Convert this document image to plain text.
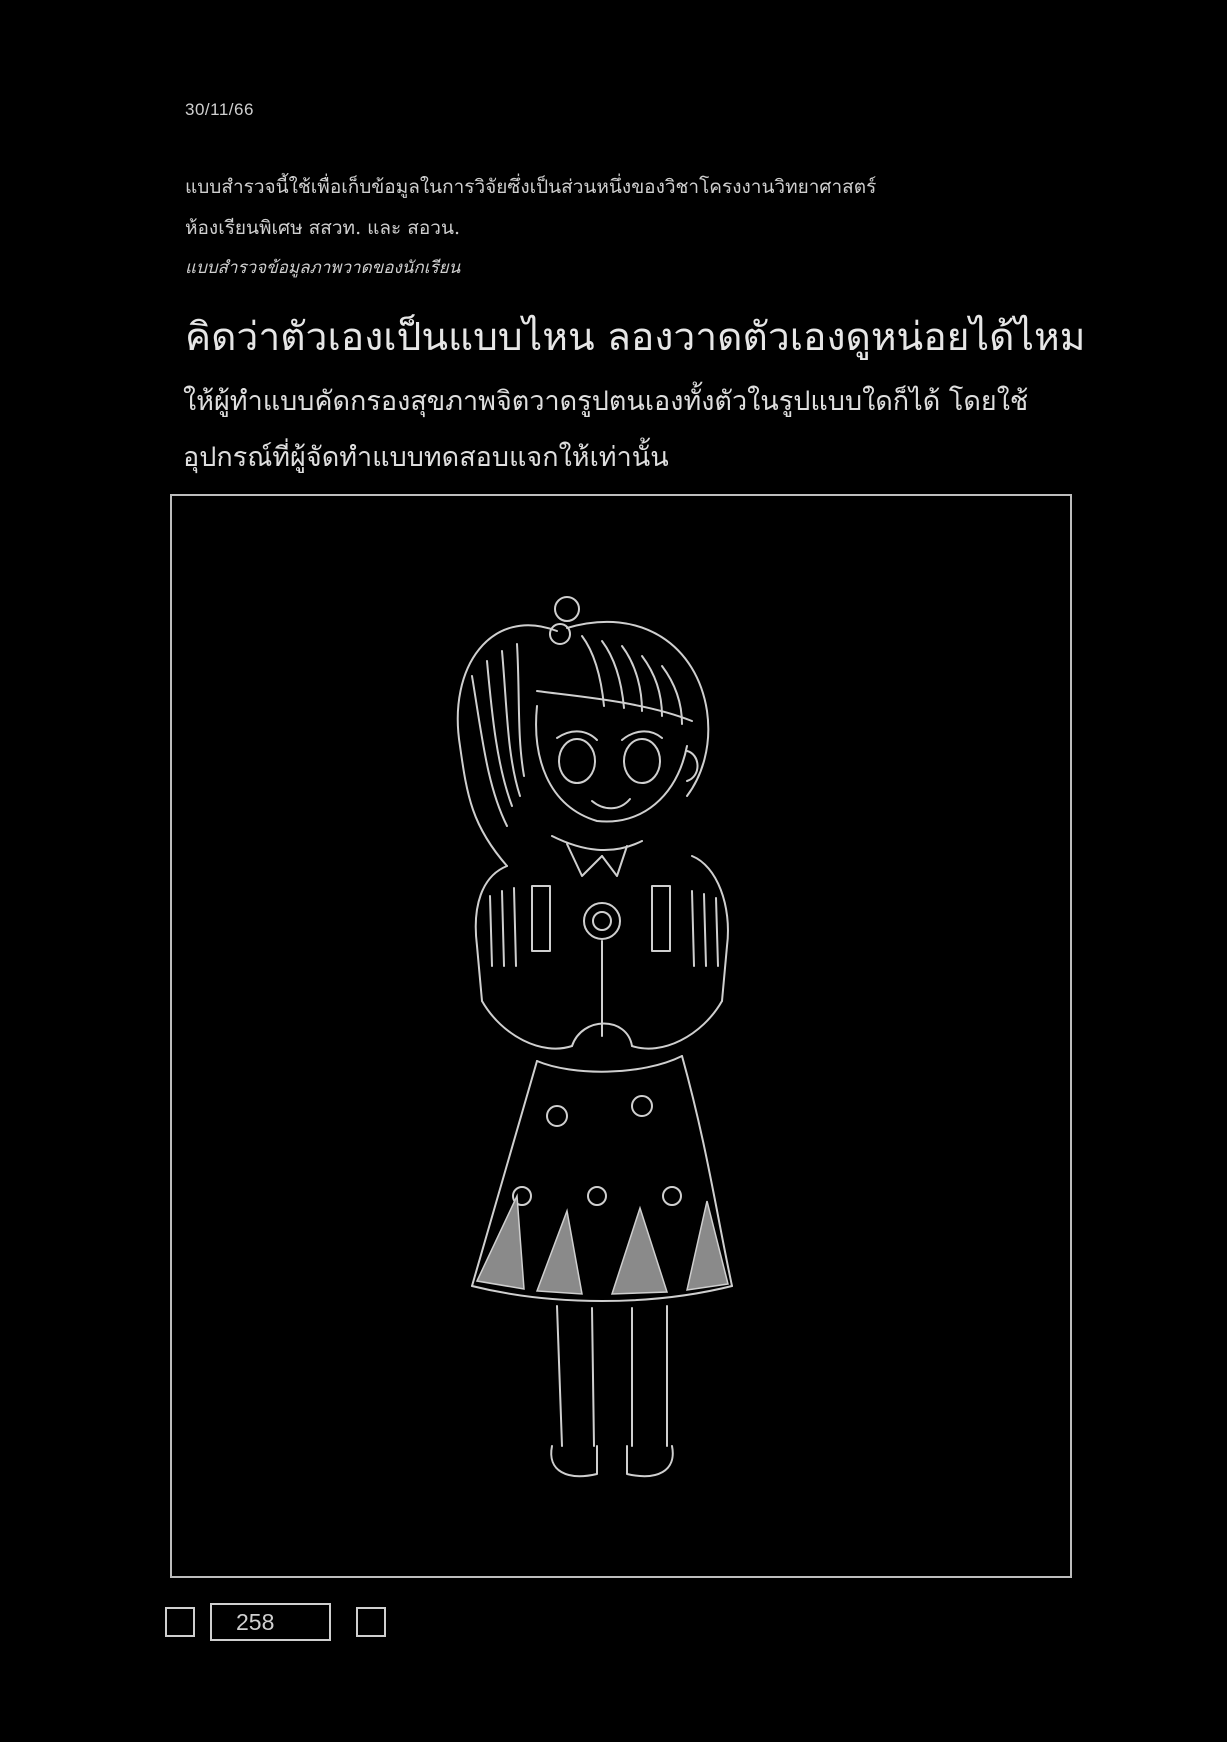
30/11/66
แบบสำรวจนี้ใช้เพื่อเก็บข้อมูลในการวิจัยซึ่งเป็นส่วนหนึ่งของวิชาโครงงานวิทยาศาสตร์
ห้องเรียนพิเศษ สสวท. และ สอวน.
แบบสำรวจข้อมูลภาพวาดของนักเรียน
คิดว่าตัวเองเป็นแบบไหน ลองวาดตัวเองดูหน่อยได้ไหม
ให้ผู้ทำแบบคัดกรองสุขภาพจิตวาดรูปตนเองทั้งตัวในรูปแบบใดก็ได้ โดยใช้อุปกรณ์ที่ผู้จัดทำแบบทดสอบแจกให้เท่านั้น
258
